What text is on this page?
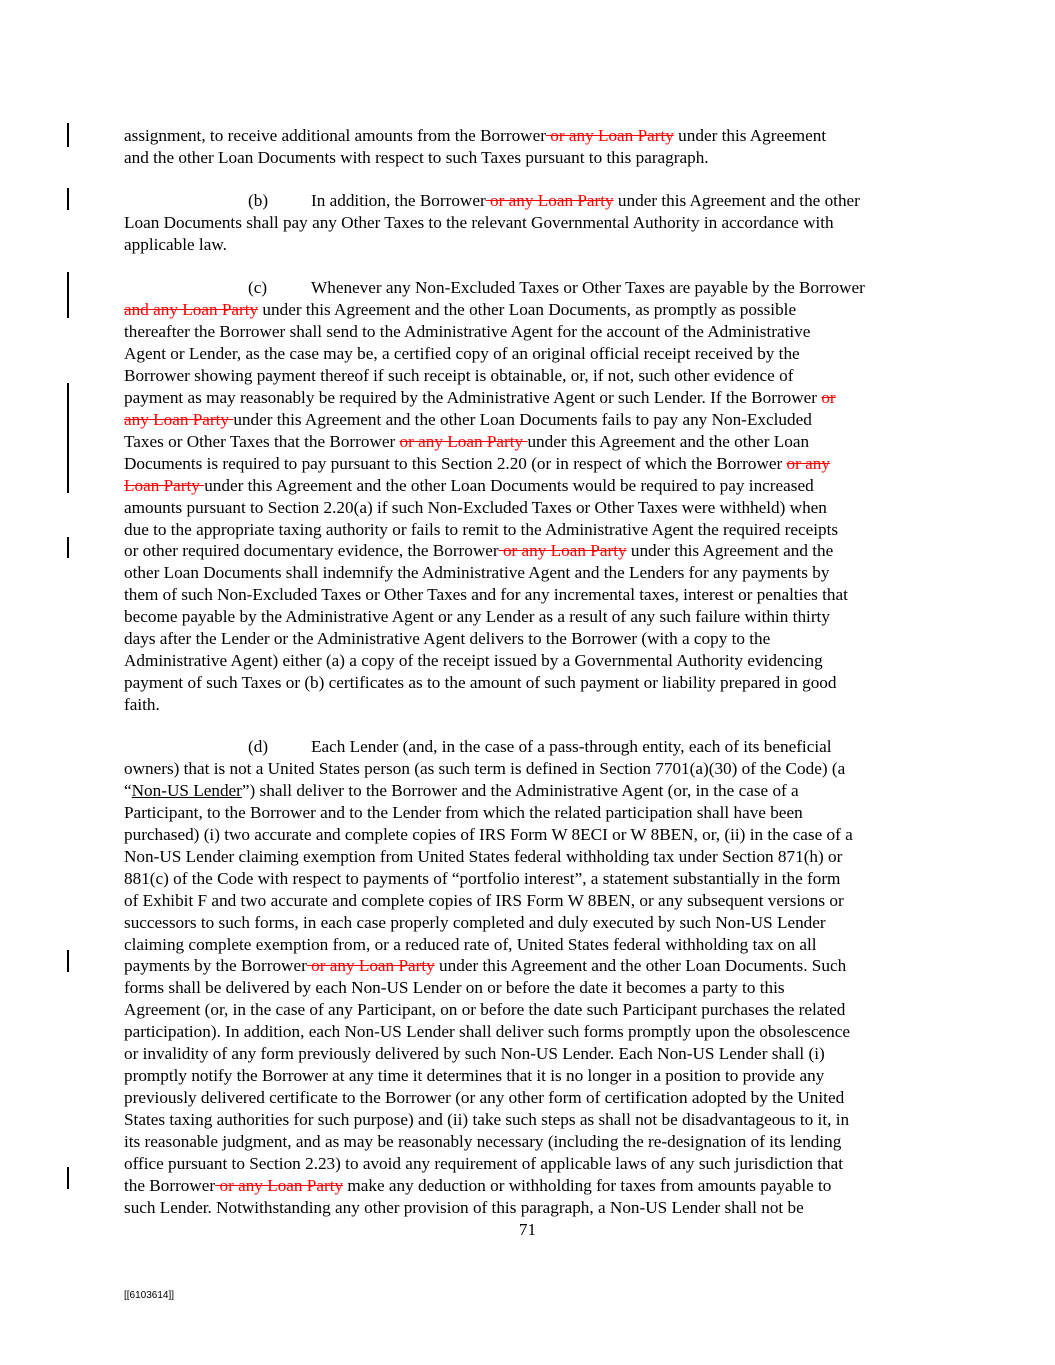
assignment, to receive additional amounts from the Borrower or any Loan Party under this Agreement
and the other Loan Documents with respect to such Taxes pursuant to this paragraph.
(b) In addition, the Borrower or any Loan Party under this Agreement and the other
Loan Documents shall pay any Other Taxes to the relevant Governmental Authority in accordance with
applicable law.
(c)	Whenever any Non-Excluded Taxes or Other Taxes are payable by the Borrower
and any Loan Party under this Agreement and the other Loan Documents, as promptly as possible
thereafter the Borrower shall send to the Administrative Agent for the account of the Administrative
Agent or Lender, as the case may be, a certified copy of an original official receipt received by the
Borrower showing payment thereof if such receipt is obtainable, or, if not, such other evidence of
payment as may reasonably be required by the Administrative Agent or such Lender. If the Borrower or
any Loan Party under this Agreement and the other Loan Documents fails to pay any Non-Excluded
Taxes or Other Taxes that the Borrower or any Loan Party under this Agreement and the other Loan
Documents is required to pay pursuant to this Section 2.20 (or in respect of which the Borrower or any
Loan Party under this Agreement and the other Loan Documents would be required to pay increased
amounts pursuant to Section 2.20(a) if such Non-Excluded Taxes or Other Taxes were withheld) when
due to the appropriate taxing authority or fails to remit to the Administrative Agent the required receipts
or other required documentary evidence, the Borrower or any Loan Party under this Agreement and the
other Loan Documents shall indemnify the Administrative Agent and the Lenders for any payments by
them of such Non-Excluded Taxes or Other Taxes and for any incremental taxes, interest or penalties that
become payable by the Administrative Agent or any Lender as a result of any such failure within thirty
days after the Lender or the Administrative Agent delivers to the Borrower (with a copy to the
Administrative Agent) either (a) a copy of the receipt issued by a Governmental Authority evidencing
payment of such Taxes or (b) certificates as to the amount of such payment or liability prepared in good
faith.
(d) Each Lender (and, in the case of a pass-through entity, each of its beneficial
owners) that is not a United States person (as such term is defined in Section 7701(a)(30) of the Code) (a
“Non-US Lender”) shall deliver to the Borrower and the Administrative Agent (or, in the case of a
Participant, to the Borrower and to the Lender from which the related participation shall have been
purchased) (i) two accurate and complete copies of IRS Form W 8ECI or W 8BEN, or, (ii) in the case of a
Non-US Lender claiming exemption from United States federal withholding tax under Section 871(h) or
881(c) of the Code with respect to payments of “portfolio interest”, a statement substantially in the form
of Exhibit F and two accurate and complete copies of IRS Form W 8BEN, or any subsequent versions or
successors to such forms, in each case properly completed and duly executed by such Non-US Lender
claiming complete exemption from, or a reduced rate of, United States federal withholding tax on all
payments by the Borrower or any Loan Party under this Agreement and the other Loan Documents. Such
forms shall be delivered by each Non-US Lender on or before the date it becomes a party to this
Agreement (or, in the case of any Participant, on or before the date such Participant purchases the related
participation). In addition, each Non-US Lender shall deliver such forms promptly upon the obsolescence
or invalidity of any form previously delivered by such Non-US Lender. Each Non-US Lender shall (i)
promptly notify the Borrower at any time it determines that it is no longer in a position to provide any
previously delivered certificate to the Borrower (or any other form of certification adopted by the United
States taxing authorities for such purpose) and (ii) take such steps as shall not be disadvantageous to it, in
its reasonable judgment, and as may be reasonably necessary (including the re-designation of its lending
office pursuant to Section 2.23) to avoid any requirement of applicable laws of any such jurisdiction that
the Borrower or any Loan Party make any deduction or withholding for taxes from amounts payable to
such Lender. Notwithstanding any other provision of this paragraph, a Non-US Lender shall not be
71
[[6103614]]
